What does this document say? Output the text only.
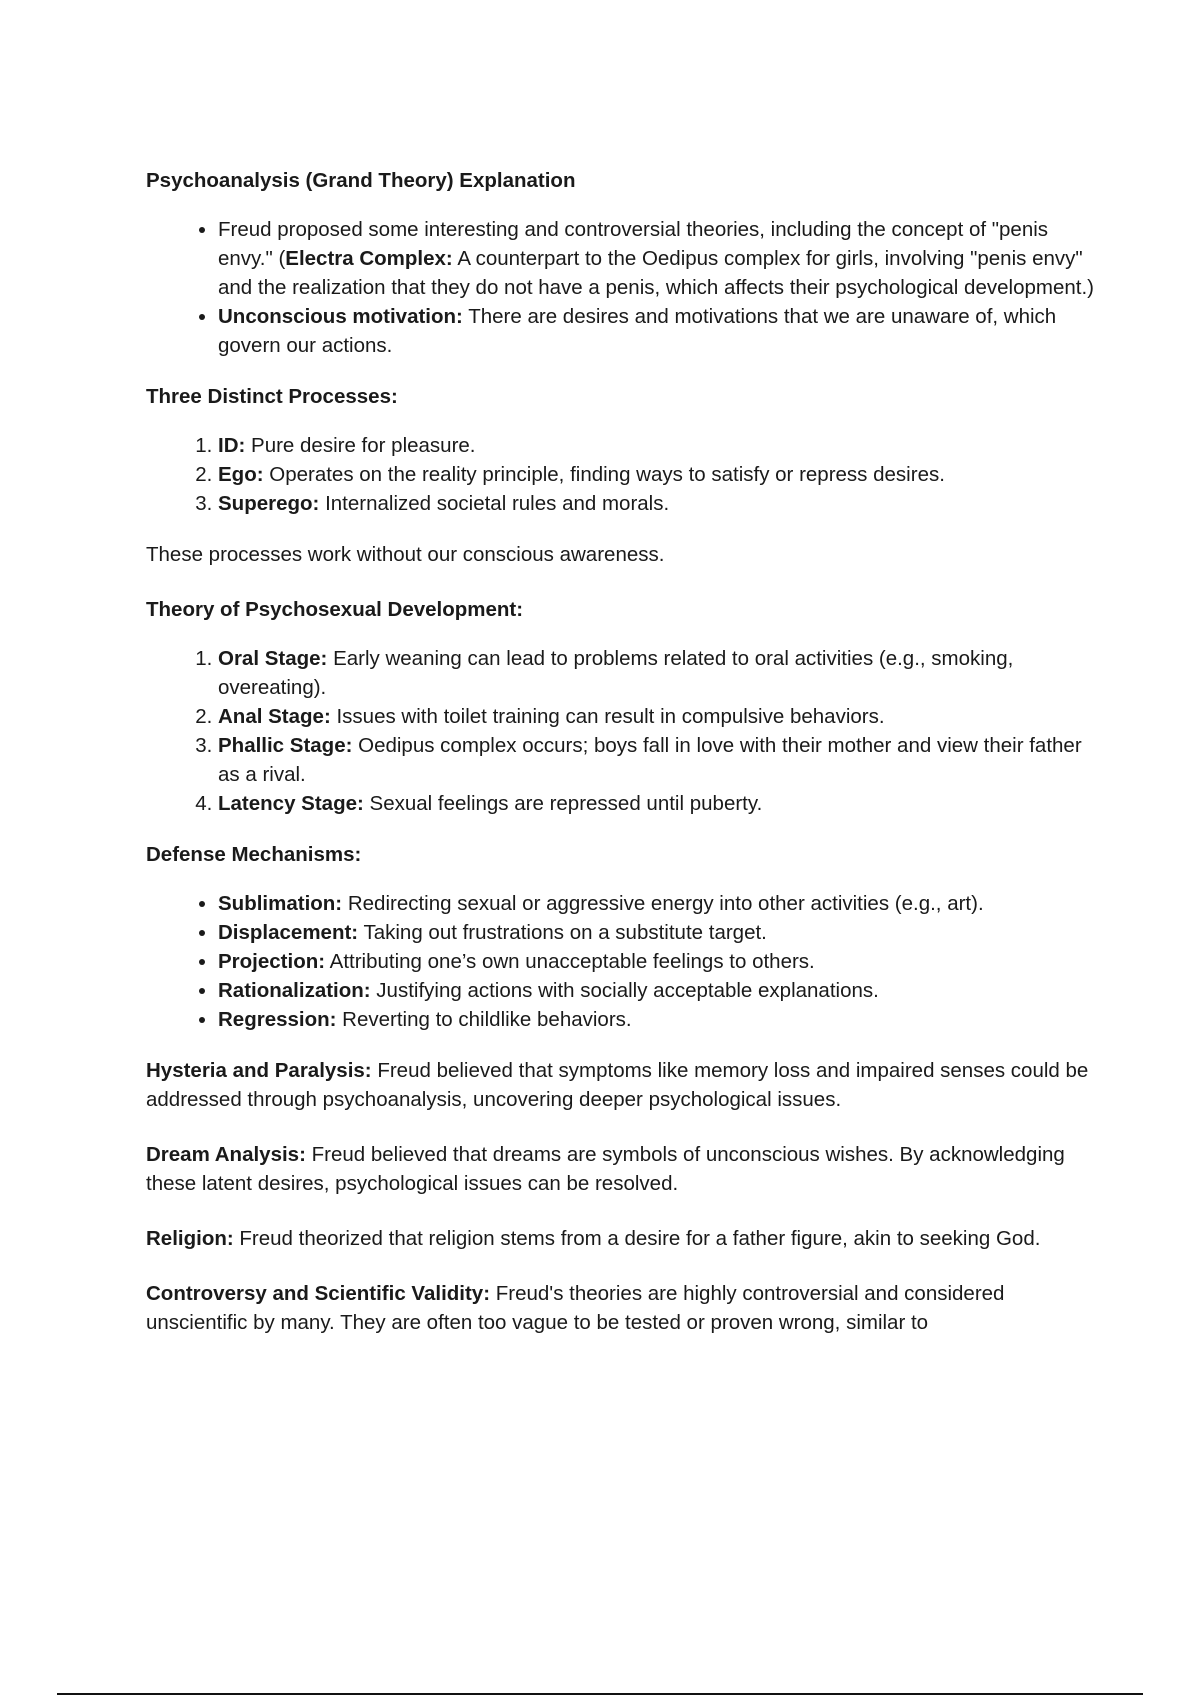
Psychoanalysis (Grand Theory) Explanation
• Freud proposed some interesting and controversial theories, including the concept of "penis envy." (Electra Complex: A counterpart to the Oedipus complex for girls, involving "penis envy" and the realization that they do not have a penis, which affects their psychological development.)
• Unconscious motivation: There are desires and motivations that we are unaware of, which govern our actions.
Three Distinct Processes:
1. ID: Pure desire for pleasure.
2. Ego: Operates on the reality principle, finding ways to satisfy or repress desires.
3. Superego: Internalized societal rules and morals.

These processes work without our conscious awareness.

Theory of Psychosexual Development:
1. Oral Stage: Early weaning can lead to problems related to oral activities (e.g., smoking, overeating).
2. Anal Stage: Issues with toilet training can result in compulsive behaviors.
3. Phallic Stage: Oedipus complex occurs; boys fall in love with their mother and view their father as a rival.
4. Latency Stage: Sexual feelings are repressed until puberty.
Defense Mechanisms:
• Sublimation: Redirecting sexual or aggressive energy into other activities (e.g., art).
• Displacement: Taking out frustrations on a substitute target.
• Projection: Attributing one’s own unacceptable feelings to others.
• Rationalization: Justifying actions with socially acceptable explanations.
• Regression: Reverting to childlike behaviors.

Hysteria and Paralysis: Freud believed that symptoms like memory loss and impaired senses could be addressed through psychoanalysis, uncovering deeper psychological issues.

Dream Analysis: Freud believed that dreams are symbols of unconscious wishes. By acknowledging these latent desires, psychological issues can be resolved.

Religion: Freud theorized that religion stems from a desire for a father figure, akin to seeking God.

Controversy and Scientific Validity: Freud's theories are highly controversial and considered unscientific by many. They are often too vague to be tested or proven wrong, similar to
